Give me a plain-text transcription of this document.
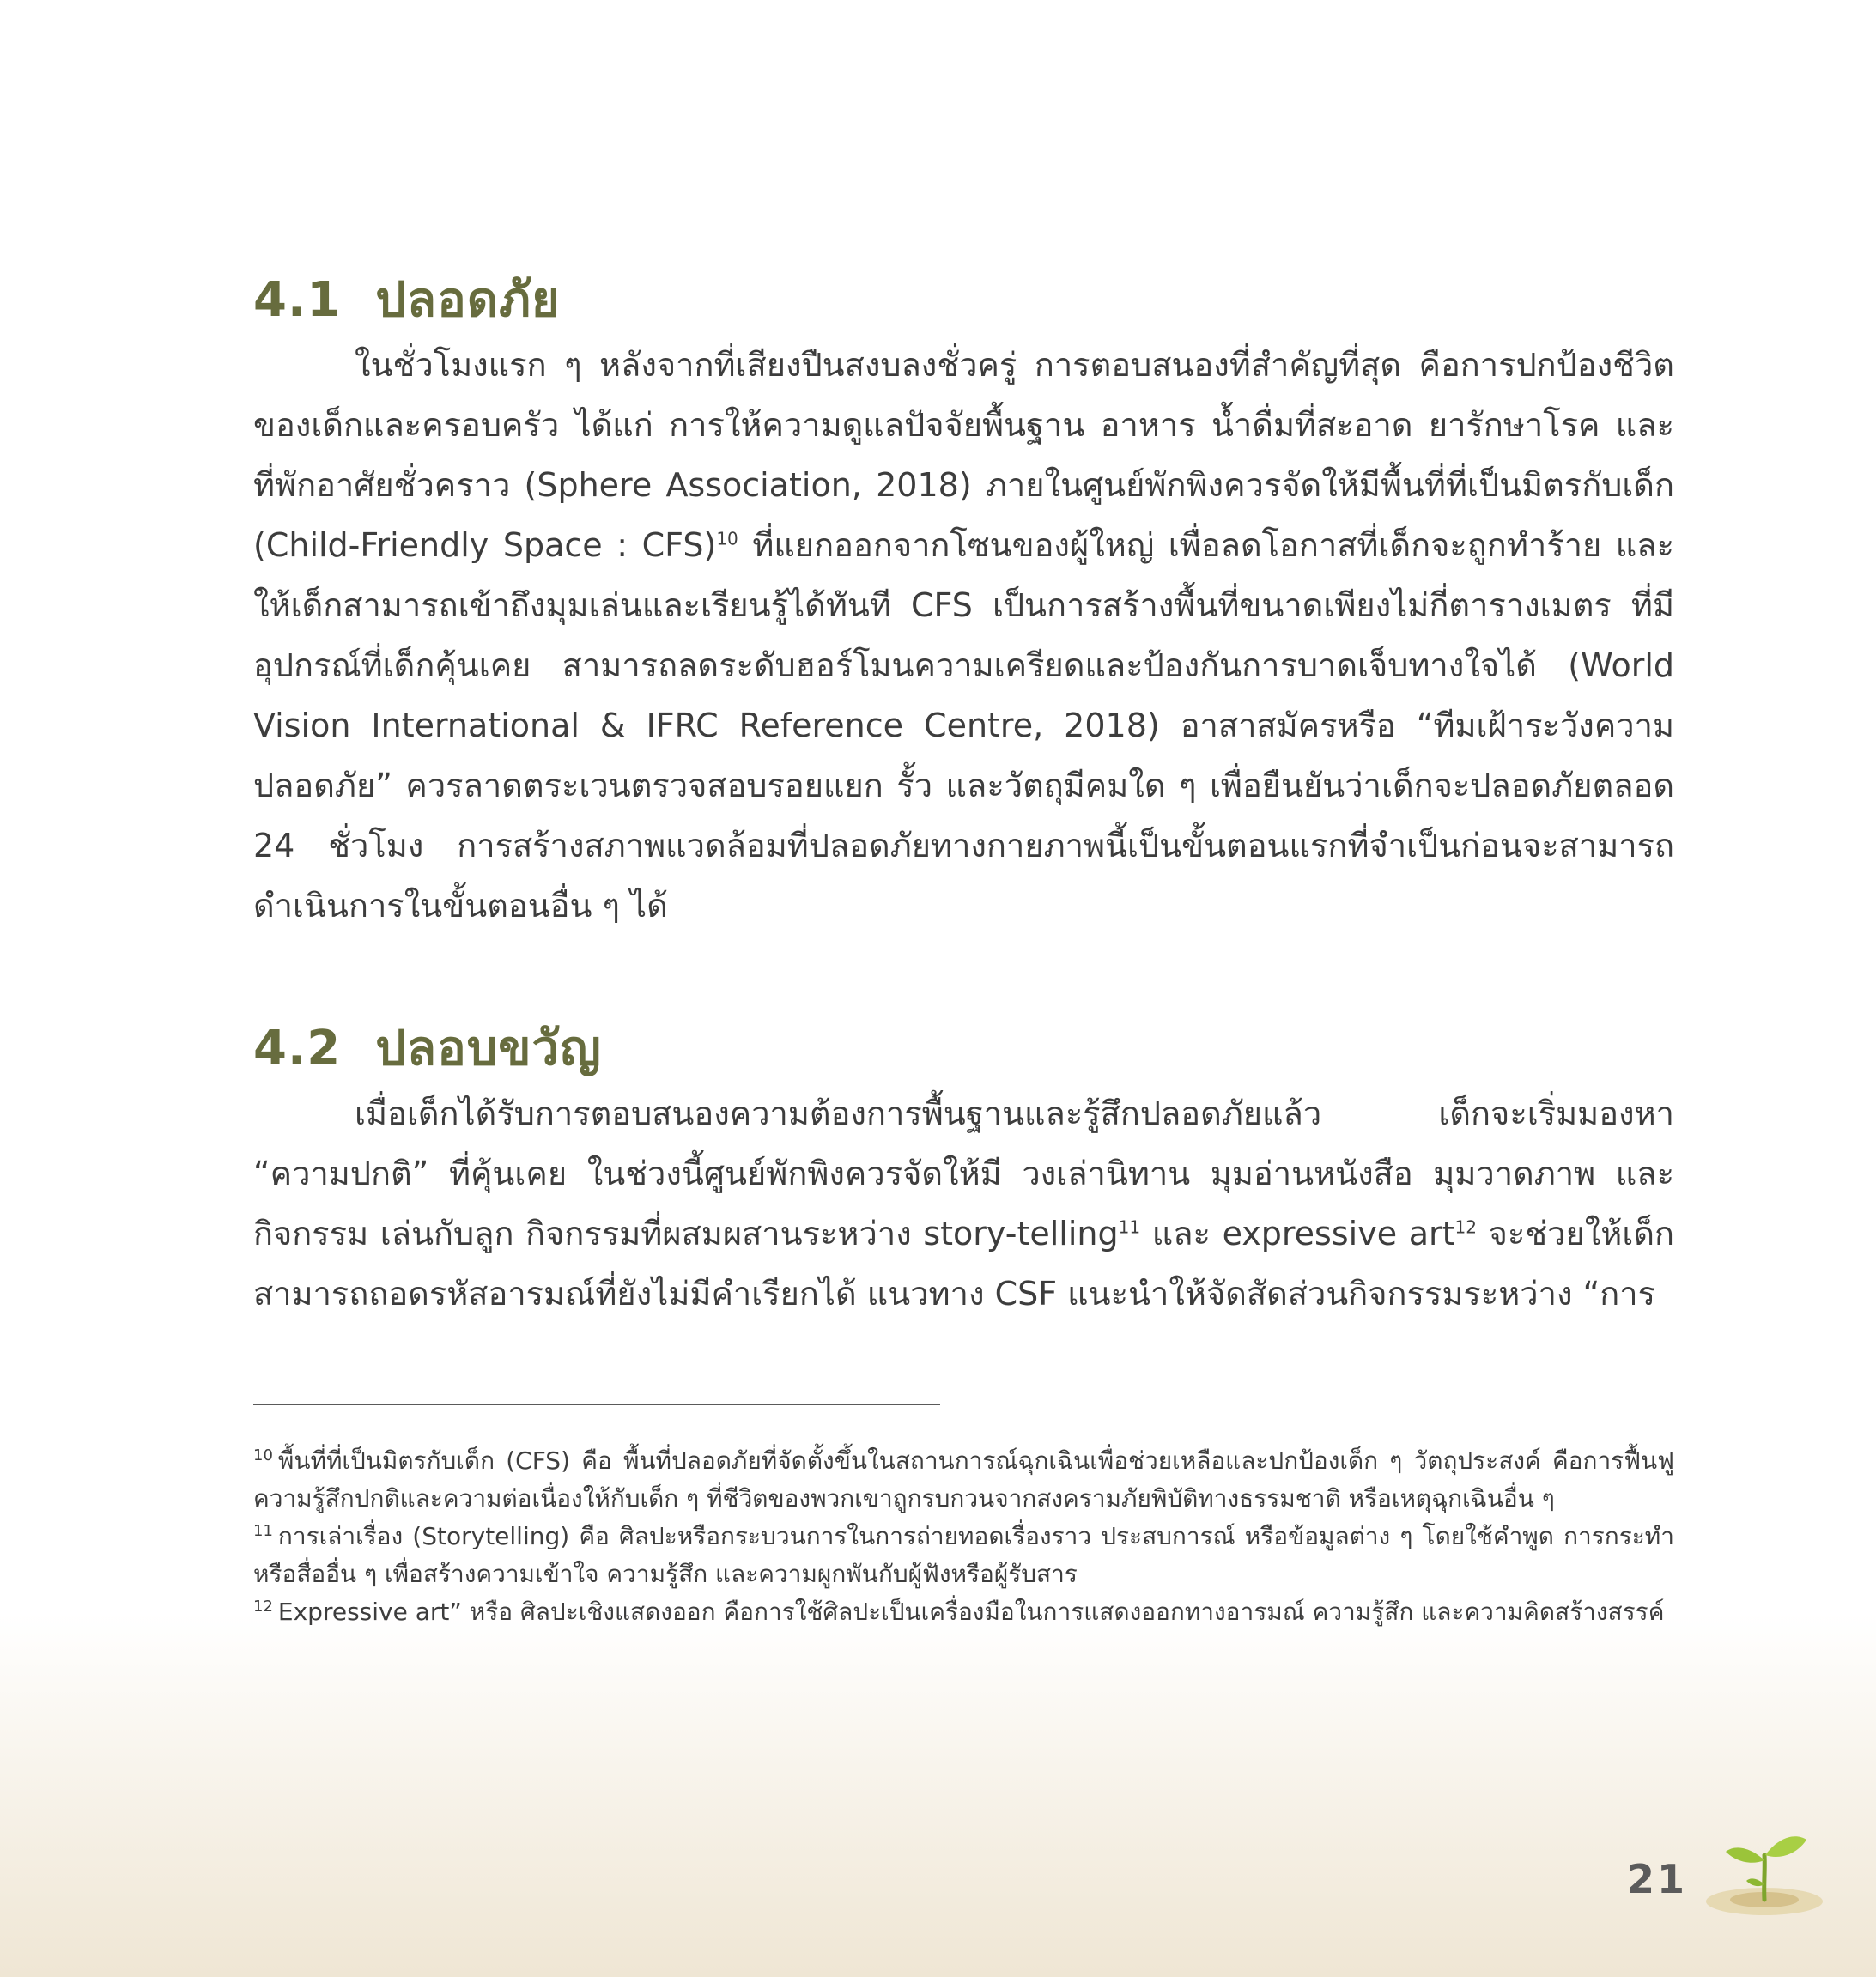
4.1 ปลอดภัย

ในชั่วโมงแรก ๆ หลังจากที่เสียงปืนสงบลงชั่วครู่ การตอบสนองที่สำคัญที่สุด คือการปกป้องชีวิตของเด็กและครอบครัว ได้แก่ การให้ความดูแลปัจจัยพื้นฐาน อาหาร น้ำดื่มที่สะอาด ยารักษาโรค และที่พักอาศัยชั่วคราว (Sphere Association, 2018) ภายในศูนย์พักพิงควรจัดให้มีพื้นที่ที่เป็นมิตรกับเด็ก (Child-Friendly Space : CFS)$^{10}$ ที่แยกออกจากโซนของผู้ใหญ่ เพื่อลดโอกาสที่เด็กจะถูกทำร้าย และให้เด็กสามารถเข้าถึงมุมเล่นและเรียนรู้ได้ทันที CFS เป็นการสร้างพื้นที่ขนาดเพียงไม่กี่ตารางเมตร ที่มีอุปกรณ์ที่เด็กคุ้นเคย สามารถลดระดับฮอร์โมนความเครียดและป้องกันการบาดเจ็บทางใจได้ (World Vision International & IFRC Reference Centre, 2018) อาสาสมัครหรือ “ทีมเฝ้าระวังความปลอดภัย” ควรลาดตระเวนตรวจสอบรอยแยก รั้ว และวัตถุมีคมใด ๆ เพื่อยืนยันว่าเด็กจะปลอดภัยตลอด 24 ชั่วโมง การสร้างสภาพแวดล้อมที่ปลอดภัยทางกายภาพนี้เป็นขั้นตอนแรกที่จำเป็นก่อนจะสามารถดำเนินการในขั้นตอนอื่น ๆ ได้

4.2 ปลอบขวัญ

เมื่อเด็กได้รับการตอบสนองความต้องการพื้นฐานและรู้สึกปลอดภัยแล้ว เด็กจะเริ่มมองหา “ความปกติ” ที่คุ้นเคย ในช่วงนี้ศูนย์พักพิงควรจัดให้มี วงเล่านิทาน มุมอ่านหนังสือ มุมวาดภาพ และกิจกรรม เล่นกับลูก กิจกรรมที่ผสมผสานระหว่าง story-telling$^{11}$ และ expressive art$^{12}$ จะช่วยให้เด็กสามารถถอดรหัสอารมณ์ที่ยังไม่มีคำเรียกได้ แนวทาง CSF แนะนำให้จัดสัดส่วนกิจกรรมระหว่าง “การ

$^{10}$ พื้นที่ที่เป็นมิตรกับเด็ก (CFS) คือ พื้นที่ปลอดภัยที่จัดตั้งขึ้นในสถานการณ์ฉุกเฉินเพื่อช่วยเหลือและปกป้องเด็ก ๆ วัตถุประสงค์ คือการฟื้นฟูความรู้สึกปกติและความต่อเนื่องให้กับเด็ก ๆ ที่ชีวิตของพวกเขาถูกรบกวนจากสงครามภัยพิบัติทางธรรมชาติ หรือเหตุฉุกเฉินอื่น ๆ

$^{11}$ การเล่าเรื่อง (Storytelling) คือ ศิลปะหรือกระบวนการในการถ่ายทอดเรื่องราว ประสบการณ์ หรือข้อมูลต่าง ๆ โดยใช้คำพูด การกระทำ หรือสื่ออื่น ๆ เพื่อสร้างความเข้าใจ ความรู้สึก และความผูกพันกับผู้ฟังหรือผู้รับสาร

$^{12}$ Expressive art” หรือ ศิลปะเชิงแสดงออก คือการใช้ศิลปะเป็นเครื่องมือในการแสดงออกทางอารมณ์ ความรู้สึก และความคิดสร้างสรรค์

21
